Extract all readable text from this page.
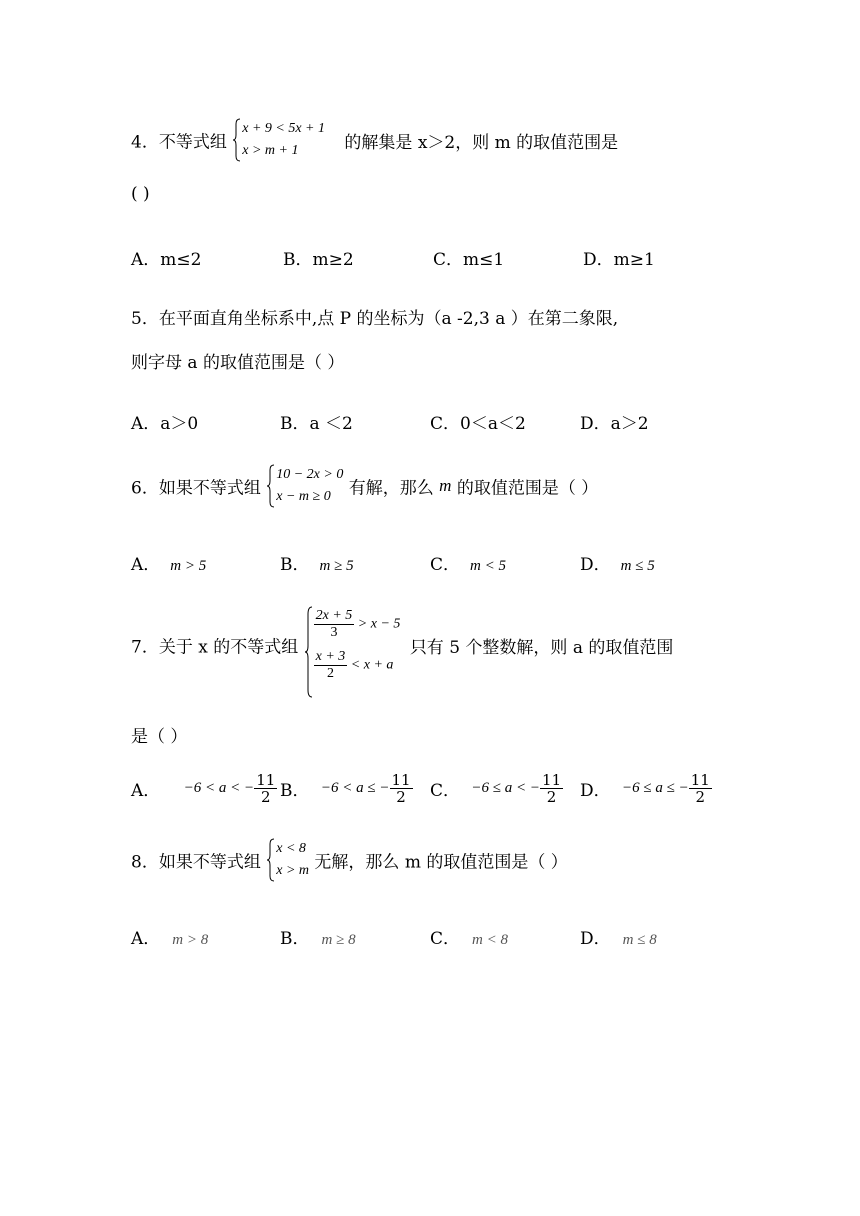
4．不等式组
x + 9 < 5x + 1
x > m + 1	的解集是 x＞2，则 m 的取值范围是
( )
A．m≤2	B．m≥2	C．m≤1	D．m≥1
5．在平面直角坐标系中,点 P 的坐标为（a -2,3 a ）在第二象限,
则字母 a 的取值范围是（ ）
A．a＞0	B．a ＜2	C．0＜a＜2	D．a＞2
6．如果不等式组
10 − 2x > 0
x − m ≥ 0	有解，那么 m 的取值范围是（ ）
A． m > 5	B． m ≥ 5	C． m < 5	D． m ≤ 5
7．关于 x 的不等式组
$\frac{2x + 5}{3} > x - 5$
$\frac{x + 3}{2} < x + a$
只有 5 个整数解，则 a 的取值范围
是（ ）
A． −6 < a < − $\frac{11}{2}$ B． −6 < a ≤ − $\frac{11}{2}$ C． −6 ≤ a < − $\frac{11}{2}$ D． −6 ≤ a ≤ − $\frac{11}{2}$
8．如果不等式组
x < 8
x > m 无解，那么 m 的取值范围是（ ）
A． m > 8	B． m ≥ 8	C． m < 8	D． m ≤ 8
